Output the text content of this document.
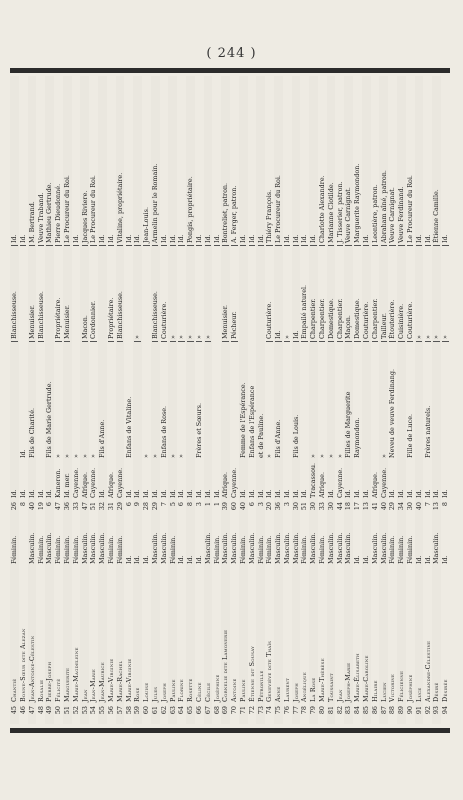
( 244 )
45
Chantié
Féminin.
26
Id.
Blanchisseuse.
Id.
46
Bonne-Sœur dite Alezan
8
Id.
Id.
Id.
47
Jean-Antoine-Célestin
Masculin.
40
Id.
Fils de Charité.
Menuisier.
M. Bertrand.
48
Rosalie
Féminin.
19
Id.
Blanchisseuse.
Veuve Traband.
49
Pierre-Joseph
Masculin.
6
Id.
Fils de Marie Gertrude.
Mathieu Gertrude.
50
Félicité
Féminin.
47
Kaneron.
»
Propriétaire.
Pierre Dieudonné.
51
Marguerite
Féminin.
36
Id. mer.
»
Menuisier.
Le Procureur du Roi.
52
Marie-Magdeleine
Féminin.
33
Cayenne.
»
Id.
53
Jean
Masculin.
47
Afrique.
»
Macon.
Jacques Riviere.
54
Jean-Marie
Masculin.
51
Cayenne.
»
Cordonnier.
Le Procureur du Roi.
55
Jean-Maurice
Masculin.
32
Id.
Fils d'Anne.
Id.
56
Marie-Virginie
Féminin.
31
Afrique.
Propriétaire.
Id.
57
Marie-Rachel
Féminin.
29
Cayenne.
Blanchisseuse.
Vitaline, propriétaire.
58
Marie-Virginie
Id.
6
Id.
Enfans de Vitaline.
Id.
59
Rose
Id.
9
Id.
»
Id.
60
Louise
Id.
28
Id.
»
Jean-Louis.
61
Jules
Masculin.
29
Id.
»
Blanchisseuse.
Armelin pour le Romain.
62
Joseph
Masculin.
7
Id.
Enfans de Rose.
Couturière.
Id.
63
Pauline
Féminin.
5
Id.
»
»
Id.
64
Florine
Id.
6
Id.
»
»
Id.
65
Rosette
Id.
8
Id.
»
Pongis, propriétaire.
66
Céline
Id.
3
Id.
Frères et Sœurs.
»
Id.
67
Cécile
Masculin.
1
Id.
»
Id.
68
Joséphine
Féminin.
1
Id.
Id.
69
Cornelie dite Lamonerie
Masculin.
39
Afrique.
Menuisier.
Bontreliet, patron.
70
Antoine
Masculin.
60
Cayenne.
Pécheur.
A. Ferger, patron.
71
Pauline
Féminin.
40
Id.
Femme de l'Espérance.
Id.
72
Étienne dit Sousay
Masculin.
6
Id.
Enfans de l'Espérance
Id.
73
Pétronille
Féminin.
3
Id.
et de Pauline.
Id.
74
Geneviève dite Thaïs
Féminin.
20
Id.
»
Couturière.
Thiéry François.
75
Anne
Masculin.
36
Id.
Fils d'Anne.
Id.
Le Procureur du Roi.
76
Laurent
Masculin.
3
Id.
»
Id.
77
Joseph
Masculin.
30
Id.
Fils de Louis.
Id.
Id.
78
Angélique
Féminin.
51
Id.
Empailé naturel.
Id.
79
La Rose
Masculin.
30
Tracassou.
»
Charpentier.
Id.
80
Marie-Thérèse
Féminin.
33
Afrique.
»
Charpentier.
Charlotte Alexandre.
81
Toussaint
Masculin.
30
Id.
»
Domestique.
Marianne Clotilde.
82
Jean
Masculin.
44
Cayenne.
»
Charpentier.
J. Tisserier, patron.
83
Joseph-Marie
Masculin.
18
Id.
Filles de Marguerite
Maçon.
Veuve Carnignat.
84
Marie-Élisabeth
Id.
17
Id.
Raymondon.
Domestique.
Marguerite Raymondon.
85
Marie-Caroline
Id.
13
Id.
Couturière.
Id.
86
Hilaire
Masculin.
41
Afrique.
Charpentier.
Leontière, patron.
87
Lucien
Masculin.
40
Cayenne.
»
Tailleur.
Abraham aîné, patron.
88
Victorine
Féminin.
29
Id.
Neveu de veuve Ferdinang.
Étouterière.
Veuve Carnignat.
89
Félicienne
Féminin.
34
Id.
Cuisinière.
Veuve Ferdinand.
90
Joséphine
Féminin.
30
Id.
Fille de Luce.
Couturière.
Le Procureur du Roi.
91
Luce
Id.
40
Id.
»
Id.
92
Alexandre-Célestine
Id.
7
Id.
Frères naturels.
»
Id.
93
Désiré
Masculin.
13
Id.
»
Étienne Camille.
94
Désirée
Id.
8
Id.
»
Id.
